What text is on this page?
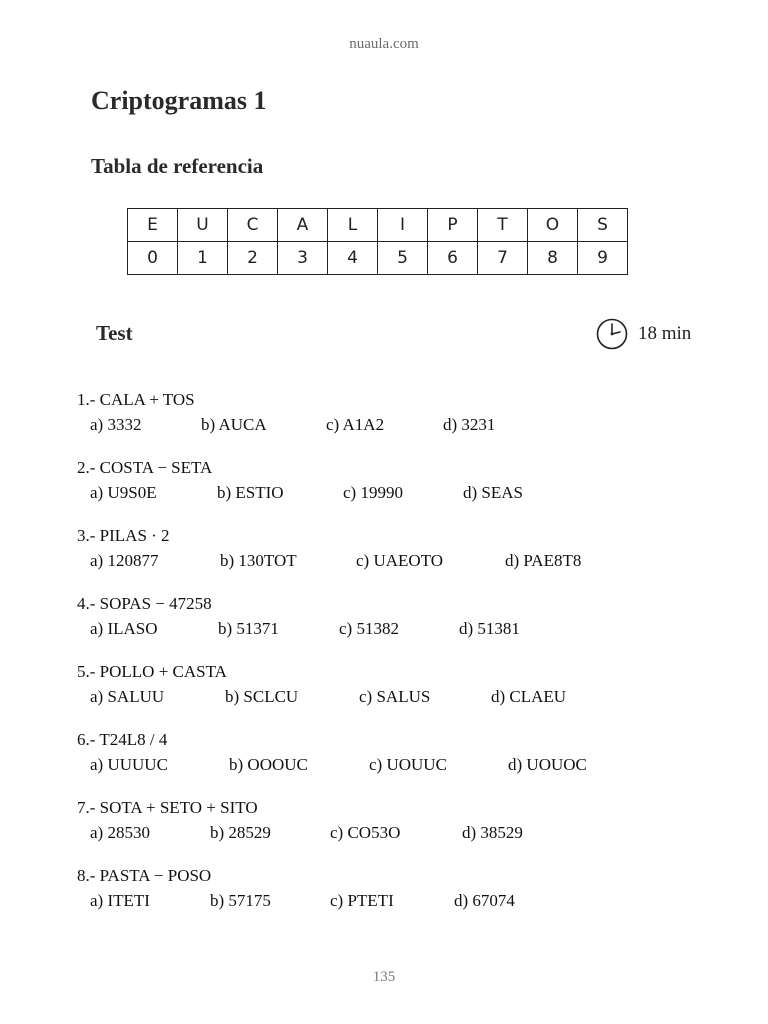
nuaula.com
Criptogramas 1
Tabla de referencia
E	U	C	A	L	I	P	T	O	S
0	1	2	3	4	5	6	7	8	9
Test	18 min
1.- CALA + TOS
a) 3332	b) AUCA	c) A1A2	d) 3231
2.- COSTA − SETA
a) U9S0E	b) ESTIO	c) 19990	d) SEAS
3.- PILAS · 2
a) 120877	b) 130TOT	c) UAEOTO	d) PAE8T8
4.- SOPAS − 47258
a) ILASO	b) 51371	c) 51382	d) 51381
5.- POLLO + CASTA
a) SALUU	b) SCLCU	c) SALUS	d) CLAEU
6.- T24L8 / 4
a) UUUUC	b) OOOUC	c) UOUUC	d) UOUOC
7.- SOTA + SETO + SITO
a) 28530	b) 28529	c) CO53O	d) 38529
8.- PASTA − POSO
a) ITETI	b) 57175	c) PTETI	d) 67074
135
